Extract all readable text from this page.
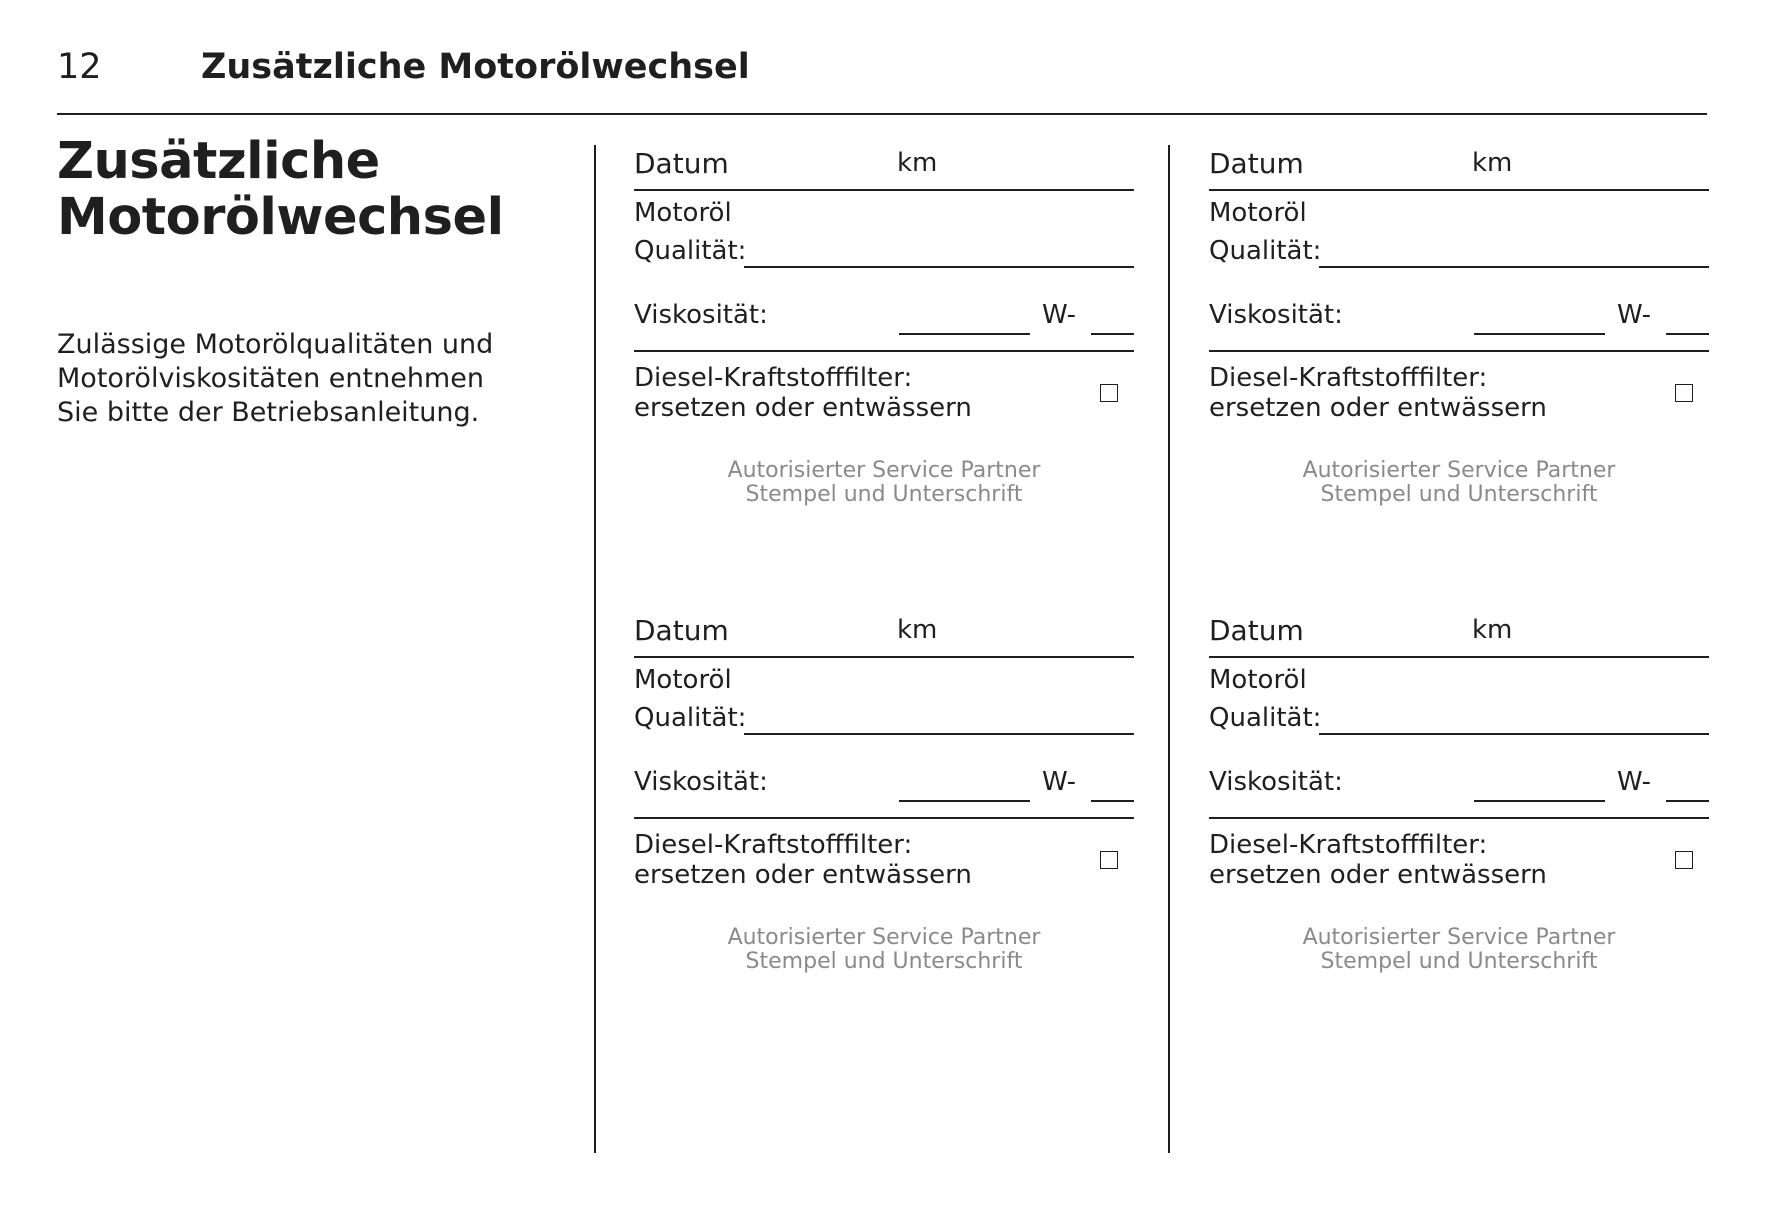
12	Zusätzliche Motorölwechsel
Zusätzliche
Motorölwechsel

Zulässige Motorölqualitäten und
Motorölviskositäten entnehmen
Sie bitte der Betriebsanleitung.

Datum	km
Motoröl
Qualität:
Viskosität:	W-
Diesel-Kraftstofffilter:
ersetzen oder entwässern
Autorisierter Service Partner
Stempel und Unterschrift
Datum	km
Motoröl
Qualität:
Viskosität:	W-
Diesel-Kraftstofffilter:
ersetzen oder entwässern
Autorisierter Service Partner
Stempel und Unterschrift
Datum	km
Motoröl
Qualität:
Viskosität:	W-
Diesel-Kraftstofffilter:
ersetzen oder entwässern
Autorisierter Service Partner
Stempel und Unterschrift
Datum	km
Motoröl
Qualität:
Viskosität:	W-
Diesel-Kraftstofffilter:
ersetzen oder entwässern
Autorisierter Service Partner
Stempel und Unterschrift
